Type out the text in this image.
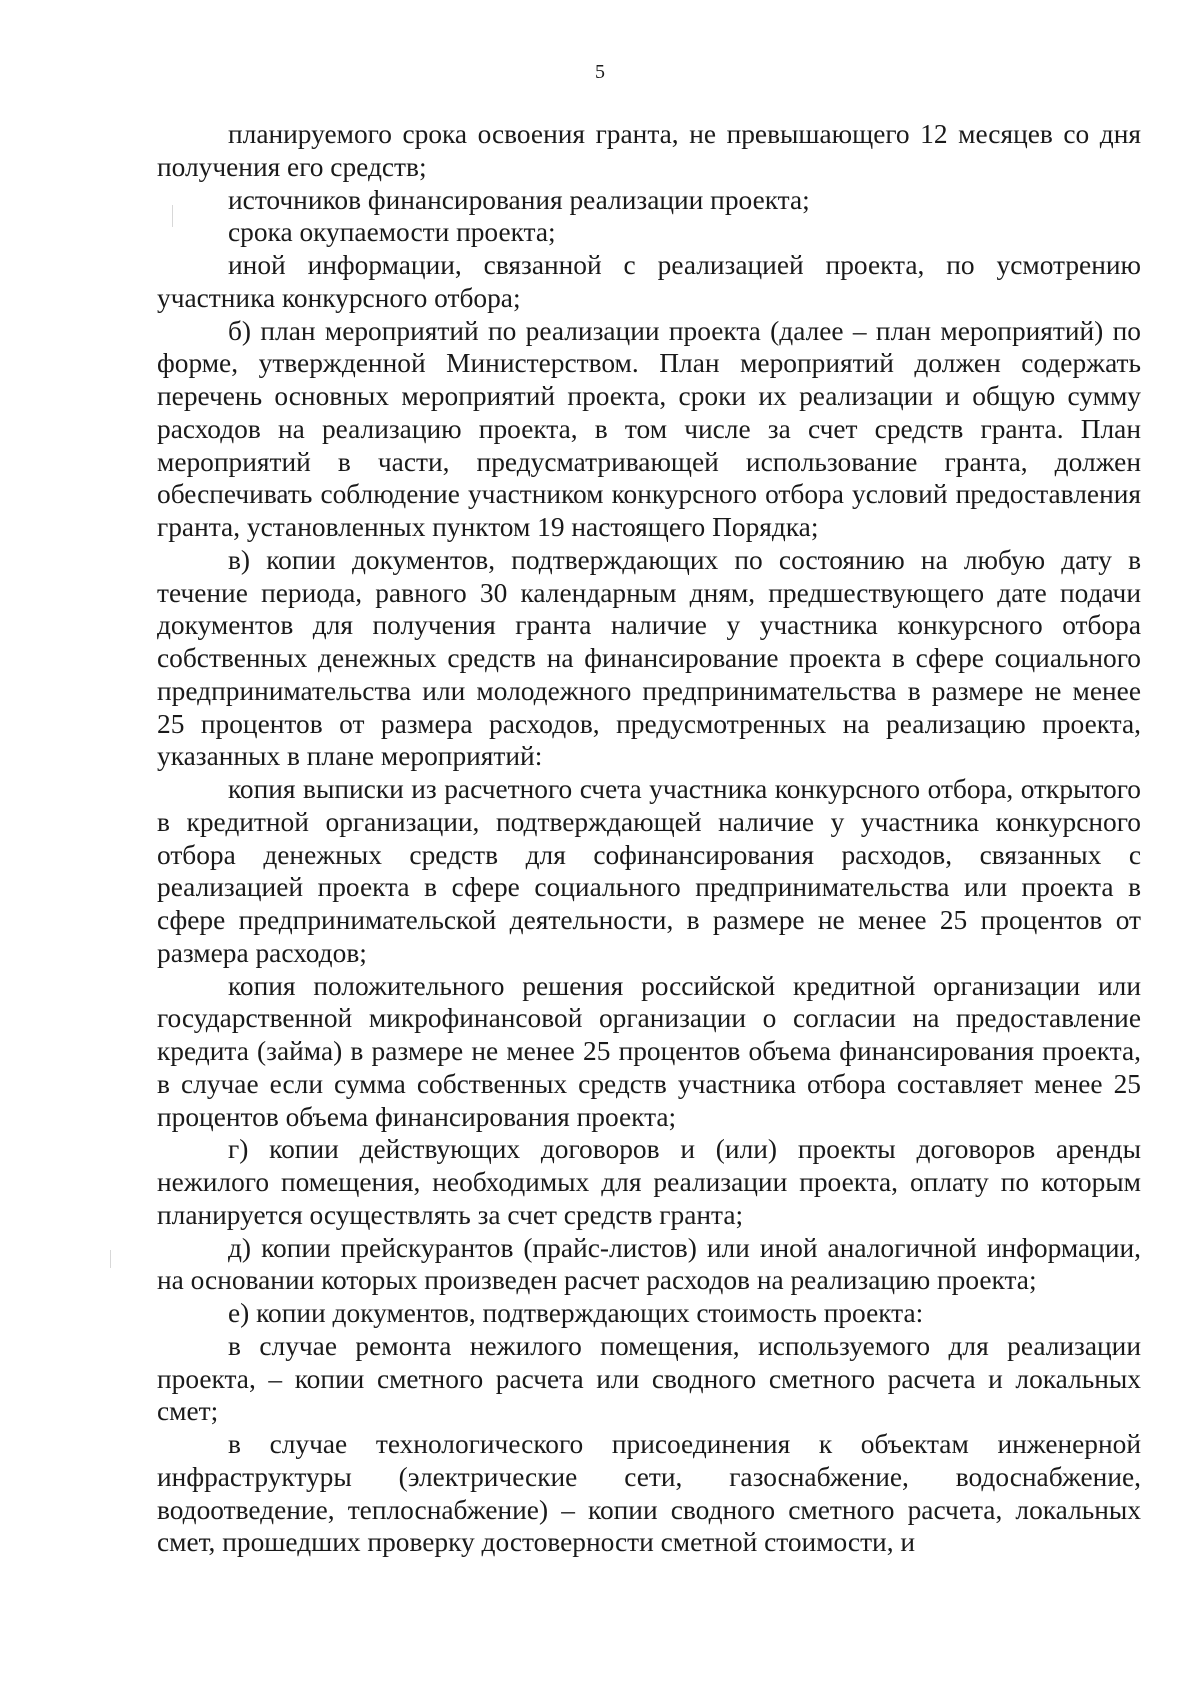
5

планируемого срока освоения гранта, не превышающего 12 месяцев со дня получения его средств;

источников финансирования реализации проекта;

срока окупаемости проекта;

иной информации, связанной с реализацией проекта, по усмотрению участника конкурсного отбора;

б) план мероприятий по реализации проекта (далее – план мероприятий) по форме, утвержденной Министерством. План мероприятий должен содержать перечень основных мероприятий проекта, сроки их реализации и общую сумму расходов на реализацию проекта, в том числе за счет средств гранта. План мероприятий в части, предусматривающей использование гранта, должен обеспечивать соблюдение участником конкурсного отбора условий предоставления гранта, установленных пунктом 19 настоящего Порядка;

в) копии документов, подтверждающих по состоянию на любую дату в течение периода, равного 30 календарным дням, предшествующего дате подачи документов для получения гранта наличие у участника конкурсного отбора собственных денежных средств на финансирование проекта в сфере социального предпринимательства или молодежного предпринимательства в размере не менее 25 процентов от размера расходов, предусмотренных на реализацию проекта, указанных в плане мероприятий:

копия выписки из расчетного счета участника конкурсного отбора, открытого в кредитной организации, подтверждающей наличие у участника конкурсного отбора денежных средств для софинансирования расходов, связанных с реализацией проекта в сфере социального предпринимательства или проекта в сфере предпринимательской деятельности, в размере не менее 25 процентов от размера расходов;

копия положительного решения российской кредитной организации или государственной микрофинансовой организации о согласии на предоставление кредита (займа) в размере не менее 25 процентов объема финансирования проекта, в случае если сумма собственных средств участника отбора составляет менее 25 процентов объема финансирования проекта;

г) копии действующих договоров и (или) проекты договоров аренды нежилого помещения, необходимых для реализации проекта, оплату по которым планируется осуществлять за счет средств гранта;

д) копии прейскурантов (прайс-листов) или иной аналогичной информации, на основании которых произведен расчет расходов на реализацию проекта;

е) копии документов, подтверждающих стоимость проекта:

в случае ремонта нежилого помещения, используемого для реализации проекта, – копии сметного расчета или сводного сметного расчета и локальных смет;

в случае технологического присоединения к объектам инженерной инфраструктуры (электрические сети, газоснабжение, водоснабжение, водоотведение, теплоснабжение) – копии сводного сметного расчета, локальных смет, прошедших проверку достоверности сметной стоимости, и
